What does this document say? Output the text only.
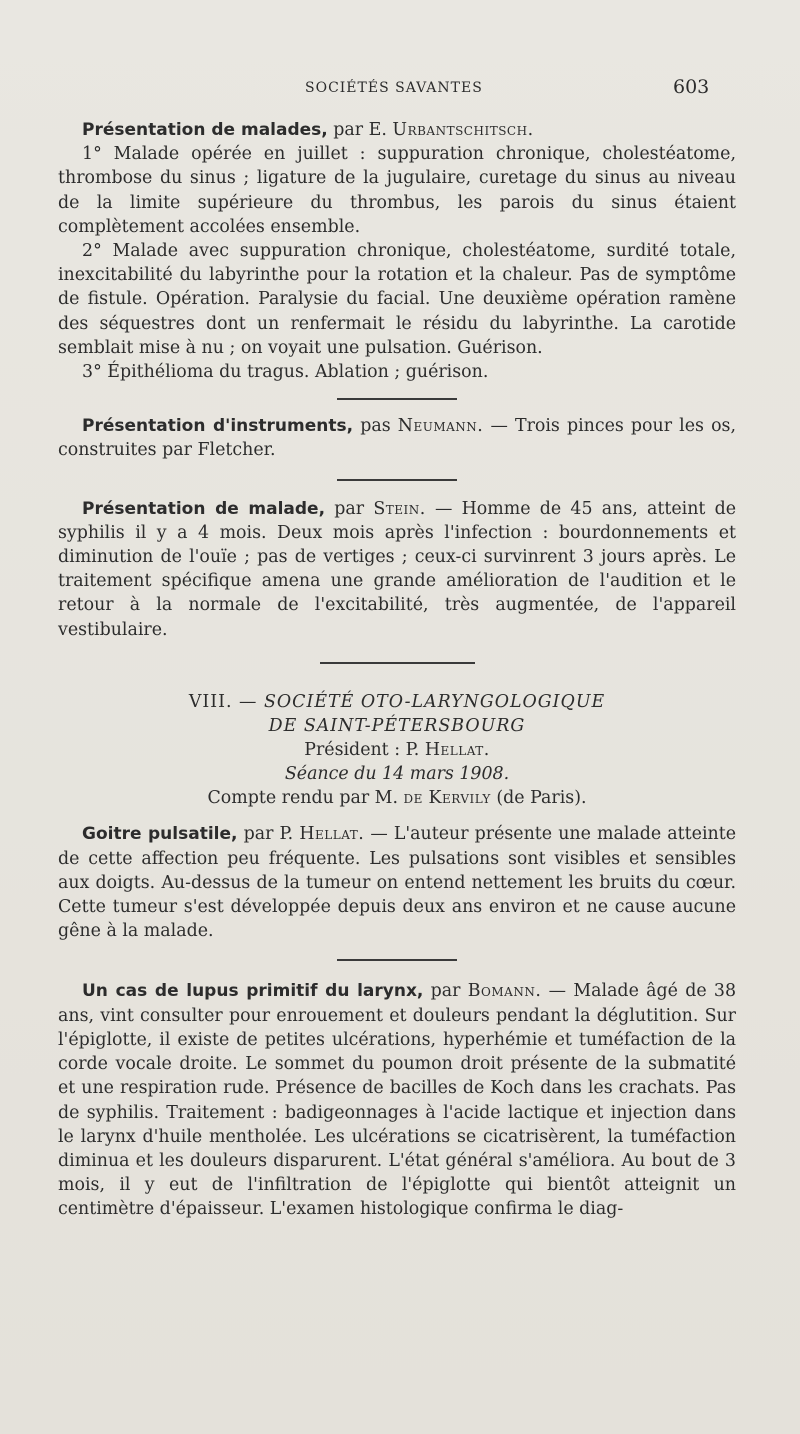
SOCIÉTÉS SAVANTES	603

Présentation de malades, par E. Urbantschitsch.

1° Malade opérée en juillet : suppuration chronique, cholestéatome, thrombose du sinus ; ligature de la jugulaire, curetage du sinus au niveau de la limite supérieure du thrombus, les parois du sinus étaient complètement accolées ensemble.

2° Malade avec suppuration chronique, cholestéatome, surdité totale, inexcitabilité du labyrinthe pour la rotation et la chaleur. Pas de symptôme de fistule. Opération. Paralysie du facial. Une deuxième opération ramène des séquestres dont un renfermait le résidu du labyrinthe. La carotide semblait mise à nu ; on voyait une pulsation. Guérison.

3° Épithélioma du tragus. Ablation ; guérison.

Présentation d'instruments, pas Neumann. — Trois pinces pour les os, construites par Fletcher.

Présentation de malade, par Stein. — Homme de 45 ans, atteint de syphilis il y a 4 mois. Deux mois après l'infection : bourdonnements et diminution de l'ouïe ; pas de vertiges ; ceux-ci survinrent 3 jours après. Le traitement spécifique amena une grande amélioration de l'audition et le retour à la normale de l'excitabilité, très augmentée, de l'appareil vestibulaire.

VIII. — SOCIÉTÉ OTO-LARYNGOLOGIQUE
DE SAINT-PÉTERSBOURG
Président : P. Hellat.
Séance du 14 mars 1908.
Compte rendu par M. de Kervily (de Paris).

Goitre pulsatile, par P. Hellat. — L'auteur présente une malade atteinte de cette affection peu fréquente. Les pulsations sont visibles et sensibles aux doigts. Au-dessus de la tumeur on entend nettement les bruits du cœur. Cette tumeur s'est développée depuis deux ans environ et ne cause aucune gêne à la malade.

Un cas de lupus primitif du larynx, par Bomann. — Malade âgé de 38 ans, vint consulter pour enrouement et douleurs pendant la déglutition. Sur l'épiglotte, il existe de petites ulcérations, hyperhémie et tuméfaction de la corde vocale droite. Le sommet du poumon droit présente de la submatité et une respiration rude. Présence de bacilles de Koch dans les crachats. Pas de syphilis. Traitement : badigeonnages à l'acide lactique et injection dans le larynx d'huile mentholée. Les ulcérations se cicatrisèrent, la tuméfaction diminua et les douleurs disparurent. L'état général s'améliora. Au bout de 3 mois, il y eut de l'infiltration de l'épiglotte qui bientôt atteignit un centimètre d'épaisseur. L'examen histologique confirma le diag-
